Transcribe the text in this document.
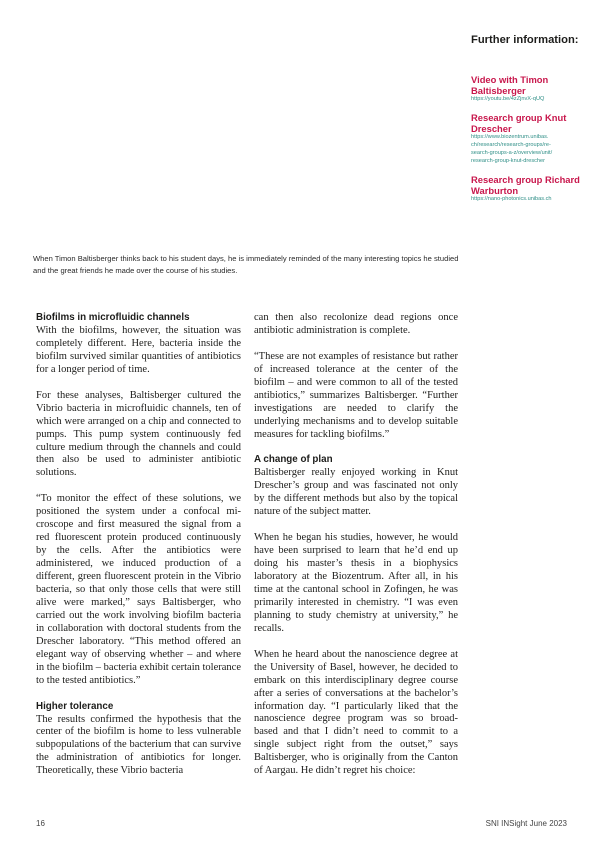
Further information:
Video with Timon Baltisberger
https://youtu.be/4zZjnvX-qUQ
Research group Knut Drescher
https://www.biozentrum.unibas.
ch/research/research-groups/re-
search-groups-a-z/overview/unit/
research-group-knut-drescher
Research group Richard Warburton
https://nano-photonics.unibas.ch
When Timon Baltisberger thinks back to his student days, he is immediately reminded of the many interesting topics he studied and the great friends he made over the course of his studies.
Biofilms in microfluidic channels

With the biofilms, however, the situation was completely different. Here, bacteria inside the biofilm survived similar quantities of antibiotics for a longer period of time.

For these analyses, Baltisberger cultured the Vibrio bacteria in microfluidic channels, ten of which were arranged on a chip and connected to pumps. This pump system continuously fed culture medium through the channels and could then also be used to administer antibiotic solutions.

“To monitor the effect of these solutions, we positioned the system under a confocal microscope and first measured the signal from a red fluorescent protein produced continuously by the cells. After the antibiotics were administered, we induced production of a different, green fluorescent protein in the Vibrio bacteria, so that only those cells that were still alive were marked,” says Baltisberger, who carried out the work involving biofilm bacteria in collaboration with doctoral students from the Drescher laboratory. “This method offered an elegant way of observing whether – and where in the biofilm – bacteria exhibit certain tolerance to the tested antibiotics.”

Higher tolerance

The results confirmed the hypothesis that the center of the biofilm is home to less vulnerable subpopulations of the bacterium that can survive the administration of antibiotics for longer. Theoretically, these Vibrio bacteria

can then also recolonize dead regions once antibiotic administration is complete.

“These are not examples of resistance but rather of increased tolerance at the center of the biofilm – and were common to all of the tested antibiotics,” summarizes Baltisberger. “Further investigations are needed to clarify the underlying mechanisms and to develop suitable measures for tackling biofilms.”

A change of plan

Baltisberger really enjoyed working in Knut Drescher’s group and was fascinated not only by the different methods but also by the topical nature of the subject matter.

When he began his studies, however, he would have been surprised to learn that he’d end up doing his master’s thesis in a biophysics laboratory at the Biozentrum. After all, in his time at the cantonal school in Zofingen, he was primarily interested in chemistry. “I was even planning to study chemistry at university,” he recalls.

When he heard about the nanoscience degree at the University of Basel, however, he decided to embark on this interdisciplinary degree course after a series of conversations at the bachelor’s information day. “I particularly liked that the nanoscience degree program was so broad-based and that I didn’t need to commit to a single subject right from the outset,” says Baltisberger, who is originally from the Canton of Aargau. He didn’t regret his choice:

16	SNI INSight June 2023
